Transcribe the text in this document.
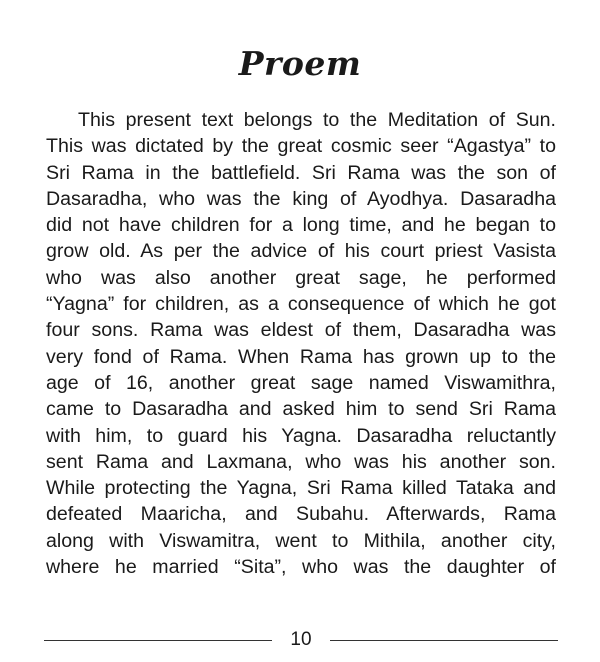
Proem
This present text belongs to the Meditation of Sun.
This was dictated by the great cosmic seer “Agastya” to
Sri Rama in the battlefield. Sri Rama was the son of
Dasaradha, who was the king of Ayodhya. Dasaradha
did not have children for a long time, and he began to
grow old. As per the advice of his court priest Vasista
who was also another great sage, he performed
“Yagna” for children, as a consequence of which he got
four sons. Rama was eldest of them, Dasaradha was
very fond of Rama. When Rama has grown up to the
age of 16, another great sage named Viswamithra,
came to Dasaradha and asked him to send Sri Rama
with him, to guard his Yagna. Dasaradha reluctantly
sent Rama and Laxmana, who was his another son.
While protecting the Yagna, Sri Rama killed Tataka and
defeated Maaricha, and Subahu. Afterwards, Rama
along with Viswamitra, went to Mithila, another city,
where he married “Sita”, who was the daughter of
10
